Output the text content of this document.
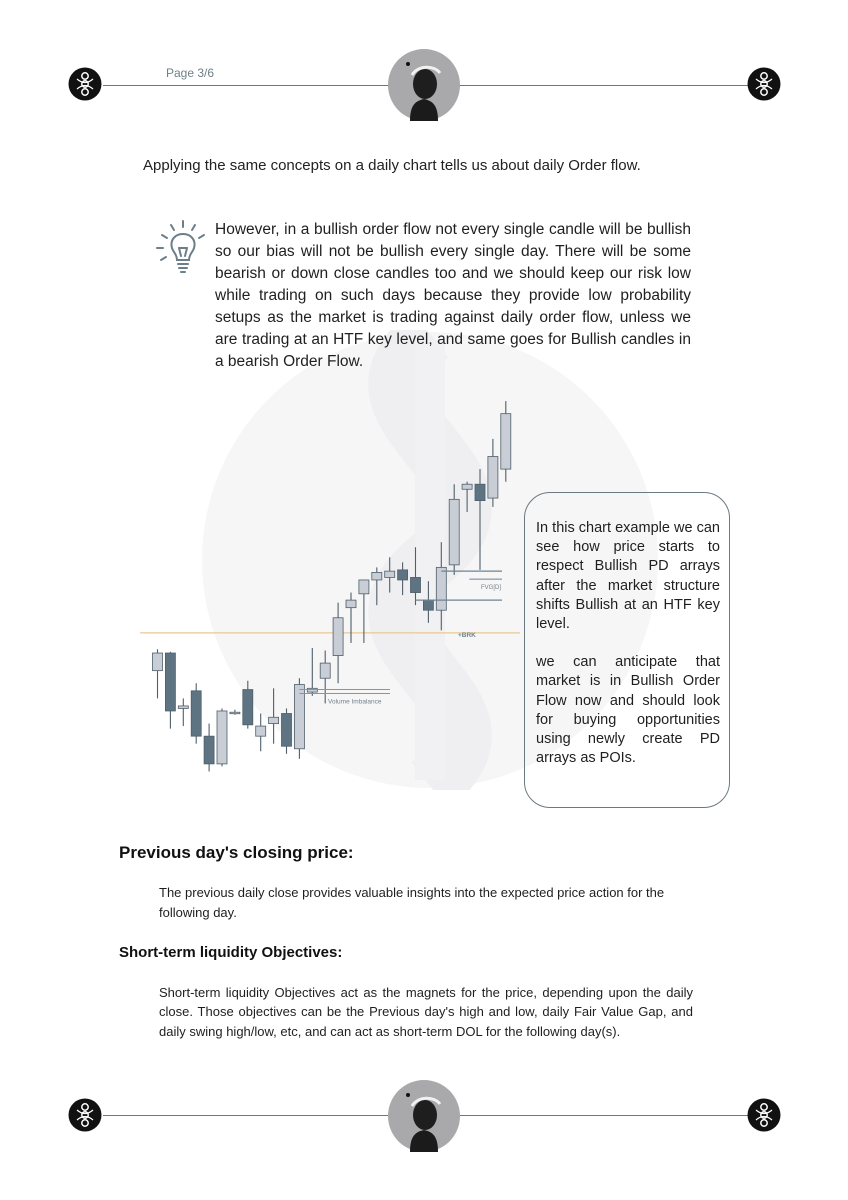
Page 3/6
Applying the same concepts on a daily chart tells us about daily Order flow.
However, in a bullish order flow not every single candle will be bullish so our bias will not be bullish every single day. There will be some bearish or down close candles too and we should keep our risk low while trading on such days because they provide low probability setups as the market is trading against daily order flow, unless we are trading at an HTF key level, and same goes for Bullish candles in a bearish Order Flow.
Volume Imbalance
+BRK
FVG[D]

In this chart example we can see how price starts to respect Bullish PD arrays after the market structure shifts Bullish at an HTF key level.

we can anticipate that market is in Bullish Order Flow now and should look for buying opportunities using newly create PD arrays as POIs.

Previous day's closing price:
The previous daily close provides valuable insights into the expected price action for the following day.
Short-term liquidity Objectives:
Short-term liquidity Objectives act as the magnets for the price, depending upon the daily close. Those objectives can be the Previous day's high and low, daily Fair Value Gap, and daily swing high/low, etc, and can act as short-term DOL for the following day(s).
